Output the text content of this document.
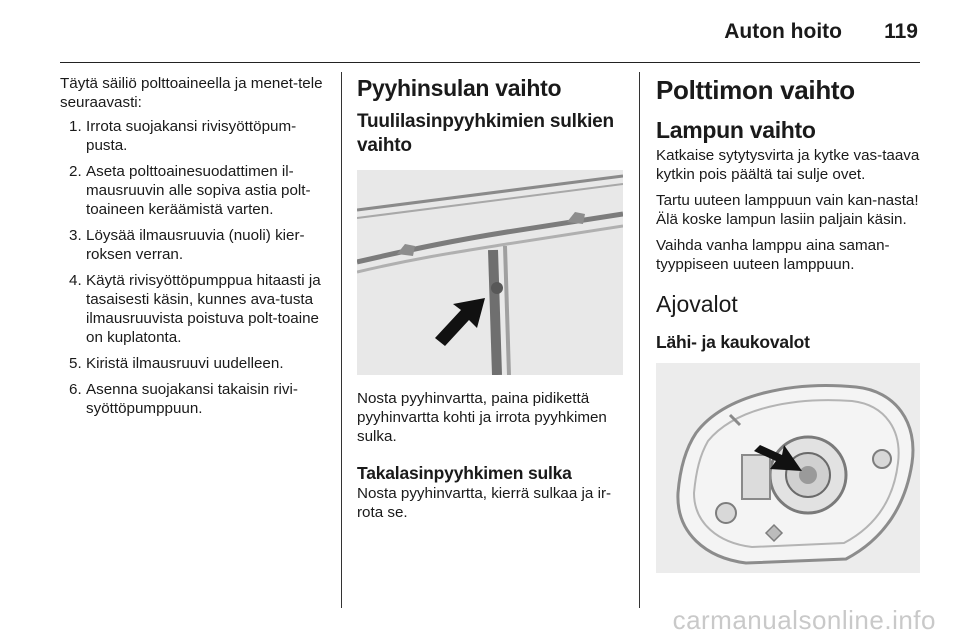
Auton hoito 119

Täytä säiliö polttoaineella ja menet-tele seuraavasti:

1. Irrota suojakansi rivisyöttöpum-pusta.
2. Aseta polttoainesuodattimen il-mausruuvin alle sopiva astia polt-toaineen keräämistä varten.
3. Löysää ilmausruuvia (nuoli) kier-roksen verran.
4. Käytä rivisyöttöpumppua hitaasti ja tasaisesti käsin, kunnes ava-tusta ilmausruuvista poistuva polt-toaine on kuplatonta.
5. Kiristä ilmausruuvi uudelleen.
6. Asenna suojakansi takaisin rivi-syöttöpumppuun.
Pyyhinsulan vaihto
Tuulilasinpyyhkimien sulkien vaihto

Nosta pyyhinvartta, paina pidikettä pyyhinvartta kohti ja irrota pyyhkimen sulka.

Takalasinpyyhkimen sulka

Nosta pyyhinvartta, kierrä sulkaa ja ir-rota se.

Polttimon vaihto
Lampun vaihto

Katkaise sytytysvirta ja kytke vas-taava kytkin pois päältä tai sulje ovet.

Tartu uuteen lamppuun vain kan-nasta! Älä koske lampun lasiin paljain käsin.

Vaihda vanha lamppu aina saman-tyyppiseen uuteen lamppuun.

Ajovalot
Lähi- ja kaukovalot
carmanualsonline.info
